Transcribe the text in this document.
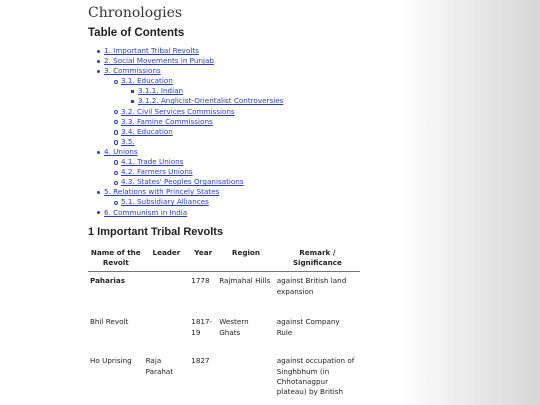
Chronologies
Table of Contents
1. Important Tribal Revolts
2. Social Movements in Punjab
3. Commissions
3.1. Education
3.1.1. Indian
3.1.2. Anglicist-Orientalist Controversies
3.2. Civil Services Commissions
3.3. Famine Commissions
3.4. Education
3.5.
4. Unions
4.1. Trade Unions
4.2. Farmers Unions
4.3. States' Peoples Organisations
5. Relations with Princely States
5.1. Subsidiary Alliances
6. Communism in India
1 Important Tribal Revolts
Name of the Revolt	Leader	Year	Region	Remark / Significance
Paharias		1778	Rajmahal Hills	against British land expansion
Bhil Revolt		1817-19	Western Ghats	against Company Rule
Ho Uprising	Raja Parahat	1827		against occupation of Singhbhum (in Chhotanagpur plateau) by British
